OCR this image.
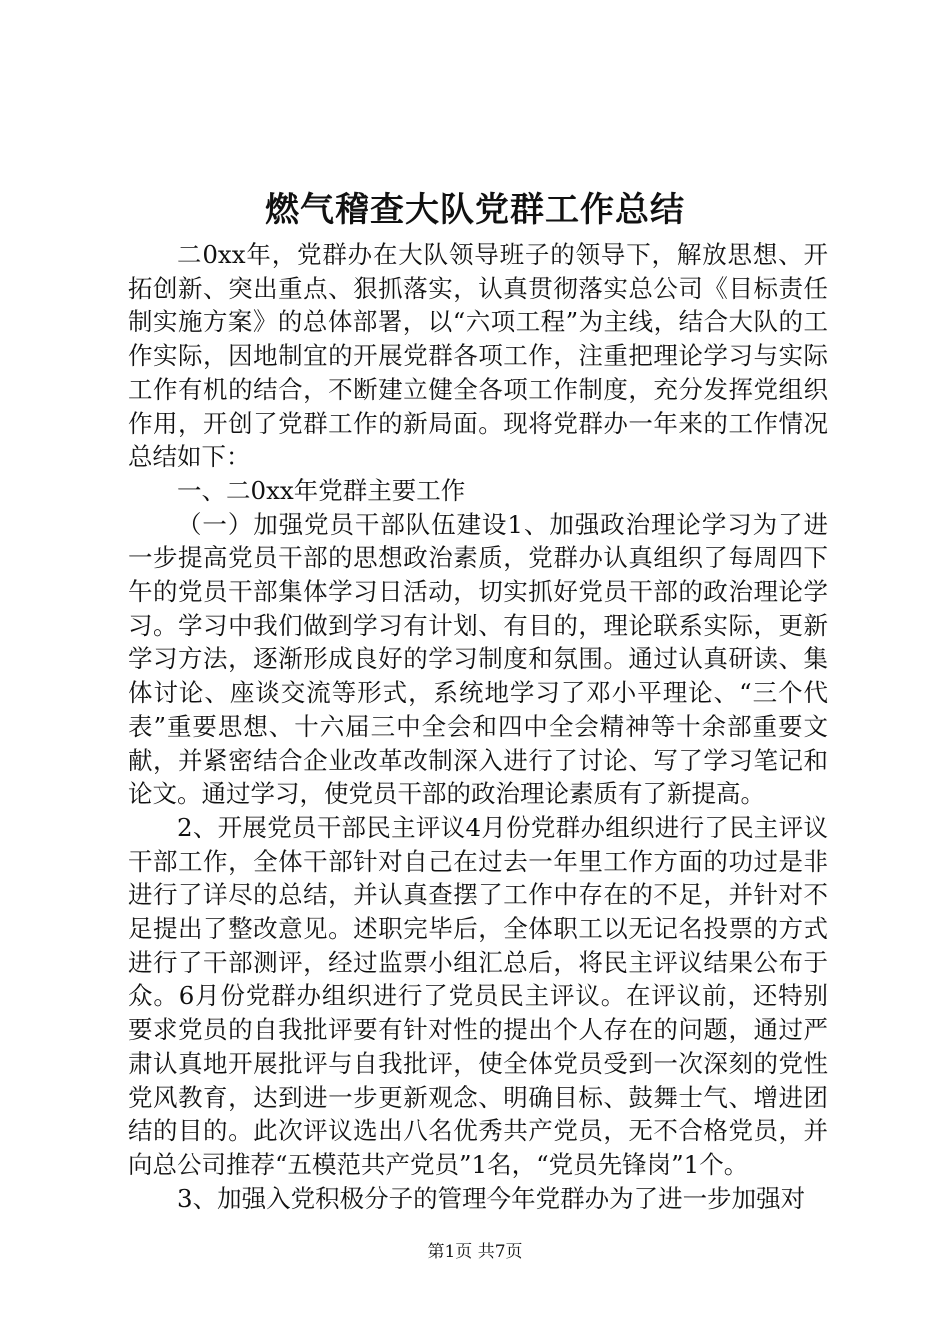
燃气稽查大队党群工作总结

二0xx年，党群办在大队领导班子的领导下，解放思想、开拓创新、突出重点、狠抓落实，认真贯彻落实总公司《目标责任制实施方案》的总体部署，以“六项工程”为主线，结合大队的工作实际，因地制宜的开展党群各项工作，注重把理论学习与实际工作有机的结合，不断建立健全各项工作制度，充分发挥党组织作用，开创了党群工作的新局面。现将党群办一年来的工作情况总结如下：

一、二0xx年党群主要工作

（一）加强党员干部队伍建设1、加强政治理论学习为了进一步提高党员干部的思想政治素质，党群办认真组织了每周四下午的党员干部集体学习日活动，切实抓好党员干部的政治理论学习。学习中我们做到学习有计划、有目的，理论联系实际，更新学习方法，逐渐形成良好的学习制度和氛围。通过认真研读、集体讨论、座谈交流等形式，系统地学习了邓小平理论、“三个代表”重要思想、十六届三中全会和四中全会精神等十余部重要文献，并紧密结合企业改革改制深入进行了讨论、写了学习笔记和论文。通过学习，使党员干部的政治理论素质有了新提高。

2、开展党员干部民主评议4月份党群办组织进行了民主评议干部工作，全体干部针对自己在过去一年里工作方面的功过是非进行了详尽的总结，并认真查摆了工作中存在的不足，并针对不足提出了整改意见。述职完毕后，全体职工以无记名投票的方式进行了干部测评，经过监票小组汇总后，将民主评议结果公布于众。6月份党群办组织进行了党员民主评议。在评议前，还特别要求党员的自我批评要有针对性的提出个人存在的问题，通过严肃认真地开展批评与自我批评，使全体党员受到一次深刻的党性党风教育，达到进一步更新观念、明确目标、鼓舞士气、增进团结的目的。此次评议选出八名优秀共产党员，无不合格党员，并向总公司推荐“五模范共产党员”1名，“党员先锋岗”1个。

3、加强入党积极分子的管理今年党群办为了进一步加强对

第1页 共7页
